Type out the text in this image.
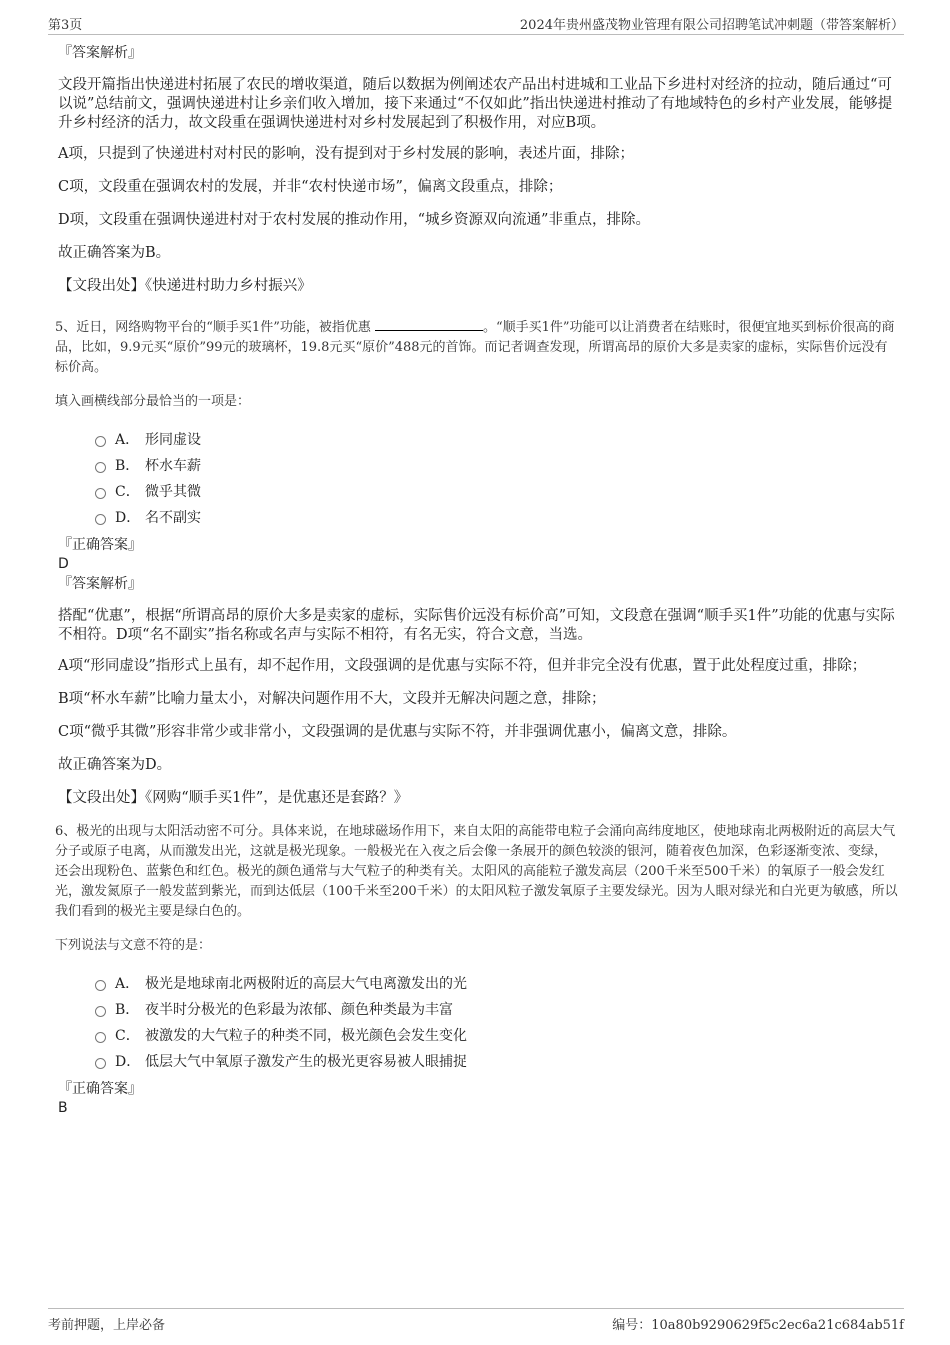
第3页	2024年贵州盛茂物业管理有限公司招聘笔试冲刺题（带答案解析）
『答案解析』
文段开篇指出快递进村拓展了农民的增收渠道，随后以数据为例阐述农产品出村进城和工业品下乡进村对经济的拉动，随后通过“可以说”总结前文，强调快递进村让乡亲们收入增加，接下来通过“不仅如此”指出快递进村推动了有地域特色的乡村产业发展，能够提升乡村经济的活力，故文段重在强调快递进村对乡村发展起到了积极作用，对应B项。
A项，只提到了快递进村对村民的影响，没有提到对于乡村发展的影响，表述片面，排除；
C项，文段重在强调农村的发展，并非“农村快递市场”，偏离文段重点，排除；
D项，文段重在强调快递进村对于农村发展的推动作用，“城乡资源双向流通”非重点，排除。
故正确答案为B。
【文段出处】《快递进村助力乡村振兴》
5、近日，网络购物平台的“顺手买1件”功能，被指优惠	。“顺手买1件”功能可以让消费者在结账时，很便宜地买到标价很高的商品，比如，9.9元买“原价”99元的玻璃杯，19.8元买“原价”488元的首饰。而记者调查发现，所谓高昂的原价大多是卖家的虚标，实际售价远没有标价高。
填入画横线部分最恰当的一项是：
A． 形同虚设
B． 杯水车薪
C． 微乎其微
D． 名不副实
『正确答案』
D
『答案解析』
搭配“优惠”，根据“所谓高昂的原价大多是卖家的虚标，实际售价远没有标价高”可知，文段意在强调“顺手买1件”功能的优惠与实际不相符。D项“名不副实”指名称或名声与实际不相符，有名无实，符合文意，当选。
A项“形同虚设”指形式上虽有，却不起作用，文段强调的是优惠与实际不符，但并非完全没有优惠，置于此处程度过重，排除；
B项“杯水车薪”比喻力量太小，对解决问题作用不大，文段并无解决问题之意，排除；
C项“微乎其微”形容非常少或非常小，文段强调的是优惠与实际不符，并非强调优惠小，偏离文意，排除。
故正确答案为D。
【文段出处】《网购“顺手买1件”，是优惠还是套路？》
6、极光的出现与太阳活动密不可分。具体来说，在地球磁场作用下，来自太阳的高能带电粒子会涌向高纬度地区，使地球南北两极附近的高层大气分子或原子电离，从而激发出光，这就是极光现象。一般极光在入夜之后会像一条展开的颜色较淡的银河，随着夜色加深，色彩逐渐变浓、变绿，还会出现粉色、蓝紫色和红色。极光的颜色通常与大气粒子的种类有关。太阳风的高能粒子激发高层（200千米至500千米）的氧原子一般会发红光，激发氮原子一般发蓝到紫光，而到达低层（100千米至200千米）的太阳风粒子激发氧原子主要发绿光。因为人眼对绿光和白光更为敏感，所以我们看到的极光主要是绿白色的。
下列说法与文意不符的是：
A． 极光是地球南北两极附近的高层大气电离激发出的光
B． 夜半时分极光的色彩最为浓郁、颜色种类最为丰富
C． 被激发的大气粒子的种类不同，极光颜色会发生变化
D． 低层大气中氧原子激发产生的极光更容易被人眼捕捉
『正确答案』
B
考前押题，上岸必备	编号：10a80b9290629f5c2ec6a21c684ab51f
